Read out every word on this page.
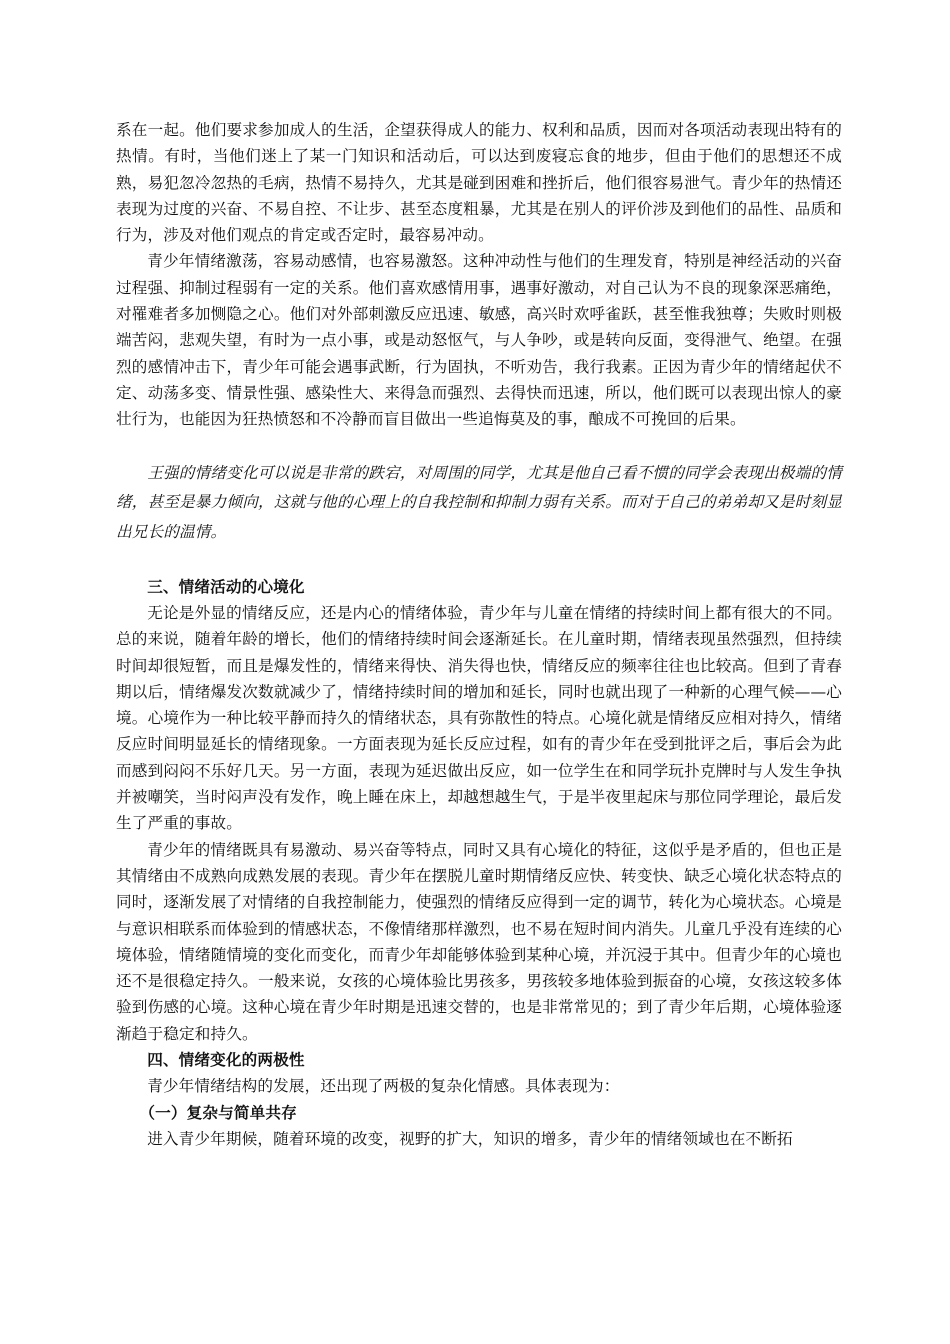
系在一起。他们要求参加成人的生活，企望获得成人的能力、权利和品质，因而对各项活动表现出特有的热情。有时，当他们迷上了某一门知识和活动后，可以达到废寝忘食的地步，但由于他们的思想还不成熟，易犯忽冷忽热的毛病，热情不易持久，尤其是碰到困难和挫折后，他们很容易泄气。青少年的热情还表现为过度的兴奋、不易自控、不让步、甚至态度粗暴，尤其是在别人的评价涉及到他们的品性、品质和行为，涉及对他们观点的肯定或否定时，最容易冲动。

青少年情绪激荡，容易动感情，也容易激怒。这种冲动性与他们的生理发育，特别是神经活动的兴奋过程强、抑制过程弱有一定的关系。他们喜欢感情用事，遇事好激动，对自己认为不良的现象深恶痛绝，对罹难者多加恻隐之心。他们对外部刺激反应迅速、敏感，高兴时欢呼雀跃，甚至惟我独尊；失败时则极端苦闷，悲观失望，有时为一点小事，或是动怒怄气，与人争吵，或是转向反面，变得泄气、绝望。在强烈的感情冲击下，青少年可能会遇事武断，行为固执，不听劝告，我行我素。正因为青少年的情绪起伏不定、动荡多变、情景性强、感染性大、来得急而强烈、去得快而迅速，所以，他们既可以表现出惊人的豪壮行为，也能因为狂热愤怒和不冷静而盲目做出一些追悔莫及的事，酿成不可挽回的后果。

王强的情绪变化可以说是非常的跌宕，对周围的同学，尤其是他自己看不惯的同学会表现出极端的情绪，甚至是暴力倾向，这就与他的心理上的自我控制和抑制力弱有关系。而对于自己的弟弟却又是时刻显出兄长的温情。

三、情绪活动的心境化

无论是外显的情绪反应，还是内心的情绪体验，青少年与儿童在情绪的持续时间上都有很大的不同。总的来说，随着年龄的增长，他们的情绪持续时间会逐渐延长。在儿童时期，情绪表现虽然强烈，但持续时间却很短暂，而且是爆发性的，情绪来得快、消失得也快，情绪反应的频率往往也比较高。但到了青春期以后，情绪爆发次数就减少了，情绪持续时间的增加和延长，同时也就出现了一种新的心理气候——心境。心境作为一种比较平静而持久的情绪状态，具有弥散性的特点。心境化就是情绪反应相对持久，情绪反应时间明显延长的情绪现象。一方面表现为延长反应过程，如有的青少年在受到批评之后，事后会为此而感到闷闷不乐好几天。另一方面，表现为延迟做出反应，如一位学生在和同学玩扑克牌时与人发生争执并被嘲笑，当时闷声没有发作，晚上睡在床上，却越想越生气，于是半夜里起床与那位同学理论，最后发生了严重的事故。

青少年的情绪既具有易激动、易兴奋等特点，同时又具有心境化的特征，这似乎是矛盾的，但也正是其情绪由不成熟向成熟发展的表现。青少年在摆脱儿童时期情绪反应快、转变快、缺乏心境化状态特点的同时，逐渐发展了对情绪的自我控制能力，使强烈的情绪反应得到一定的调节，转化为心境状态。心境是与意识相联系而体验到的情感状态，不像情绪那样激烈，也不易在短时间内消失。儿童几乎没有连续的心境体验，情绪随情境的变化而变化，而青少年却能够体验到某种心境，并沉浸于其中。但青少年的心境也还不是很稳定持久。一般来说，女孩的心境体验比男孩多，男孩较多地体验到振奋的心境，女孩这较多体验到伤感的心境。这种心境在青少年时期是迅速交替的，也是非常常见的；到了青少年后期，心境体验逐渐趋于稳定和持久。

四、情绪变化的两极性

青少年情绪结构的发展，还出现了两极的复杂化情感。具体表现为：

（一）复杂与简单共存

进入青少年期候，随着环境的改变，视野的扩大，知识的增多，青少年的情绪领域也在不断拓
